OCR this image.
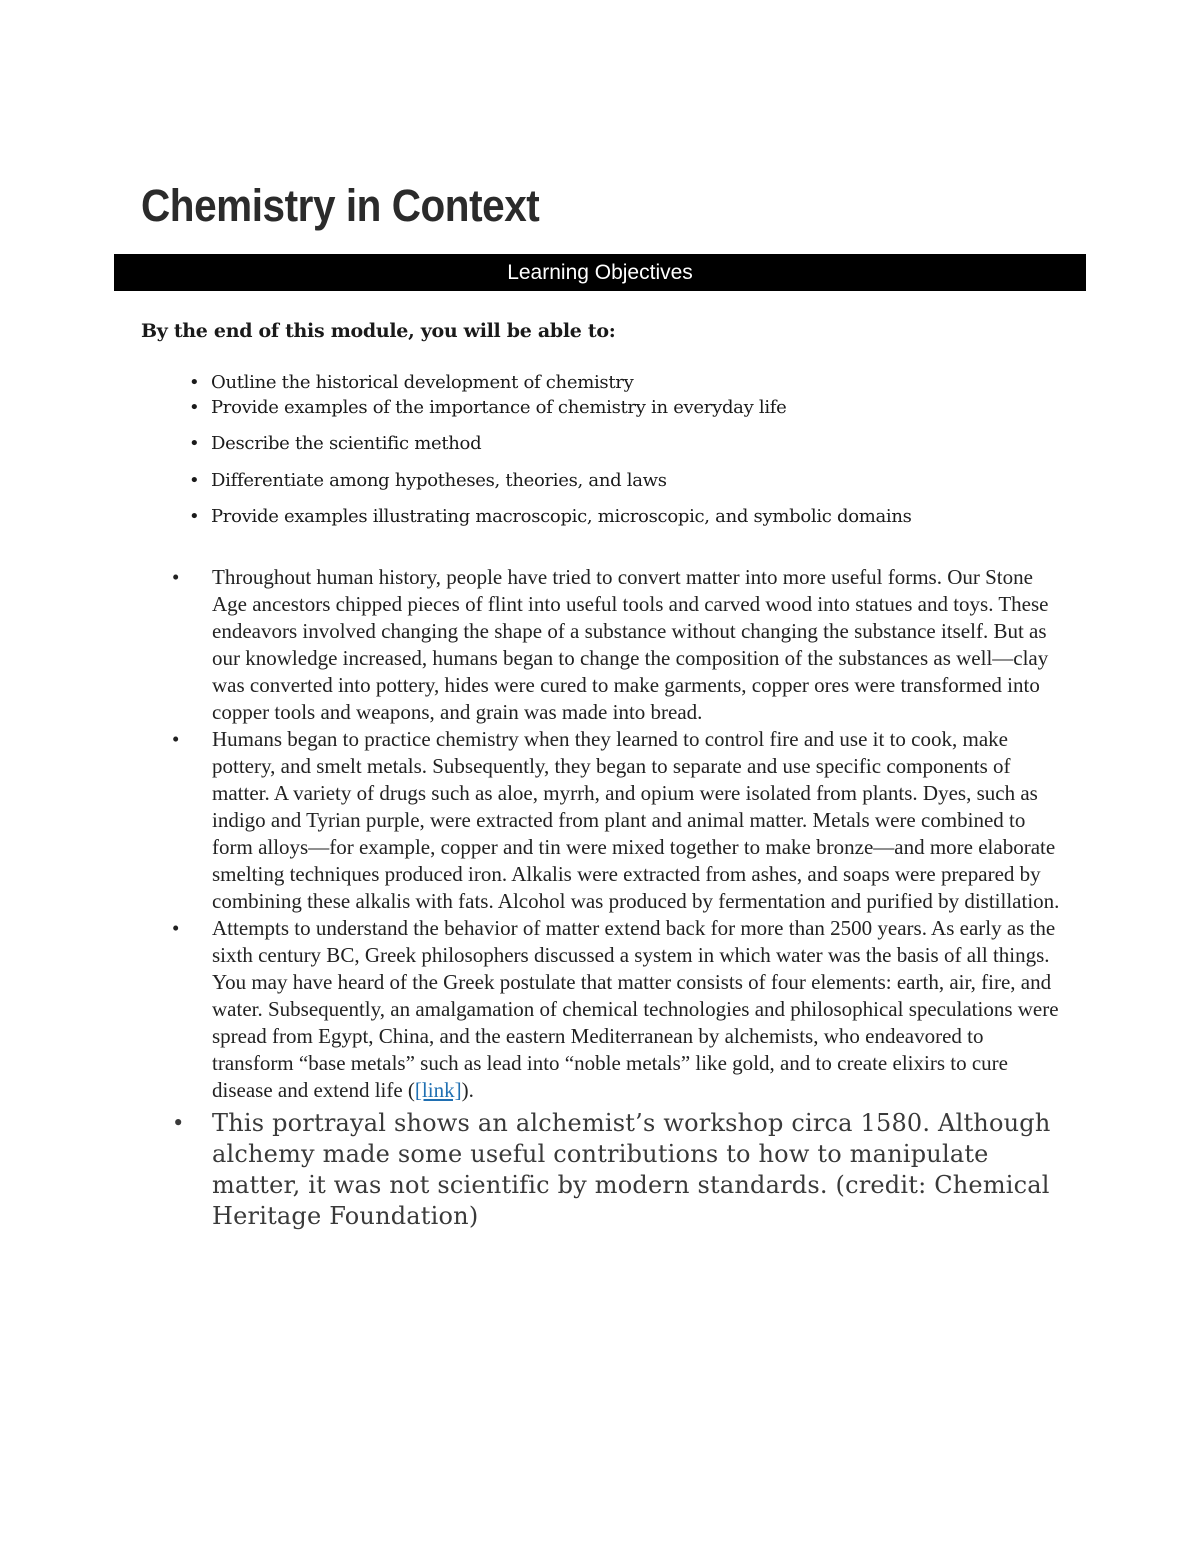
Chemistry in Context
Learning Objectives

By the end of this module, you will be able to:

• Outline the historical development of chemistry
• Provide examples of the importance of chemistry in everyday life
• Describe the scientific method
• Differentiate among hypotheses, theories, and laws
• Provide examples illustrating macroscopic, microscopic, and symbolic domains
• Throughout human history, people have tried to convert matter into more useful forms. Our Stone Age ancestors chipped pieces of flint into useful tools and carved wood into statues and toys. These endeavors involved changing the shape of a substance without changing the substance itself. But as our knowledge increased, humans began to change the composition of the substances as well—clay was converted into pottery, hides were cured to make garments, copper ores were transformed into copper tools and weapons, and grain was made into bread.
• Humans began to practice chemistry when they learned to control fire and use it to cook, make pottery, and smelt metals. Subsequently, they began to separate and use specific components of matter. A variety of drugs such as aloe, myrrh, and opium were isolated from plants. Dyes, such as indigo and Tyrian purple, were extracted from plant and animal matter. Metals were combined to form alloys—for example, copper and tin were mixed together to make bronze—and more elaborate smelting techniques produced iron. Alkalis were extracted from ashes, and soaps were prepared by combining these alkalis with fats. Alcohol was produced by fermentation and purified by distillation.
• Attempts to understand the behavior of matter extend back for more than 2500 years. As early as the sixth century BC, Greek philosophers discussed a system in which water was the basis of all things. You may have heard of the Greek postulate that matter consists of four elements: earth, air, fire, and water. Subsequently, an amalgamation of chemical technologies and philosophical speculations were spread from Egypt, China, and the eastern Mediterranean by alchemists, who endeavored to transform “base metals” such as lead into “noble metals” like gold, and to create elixirs to cure disease and extend life ([link]).
• This portrayal shows an alchemist’s workshop circa 1580. Although alchemy made some useful contributions to how to manipulate matter, it was not scientific by modern standards. (credit: Chemical Heritage Foundation)
